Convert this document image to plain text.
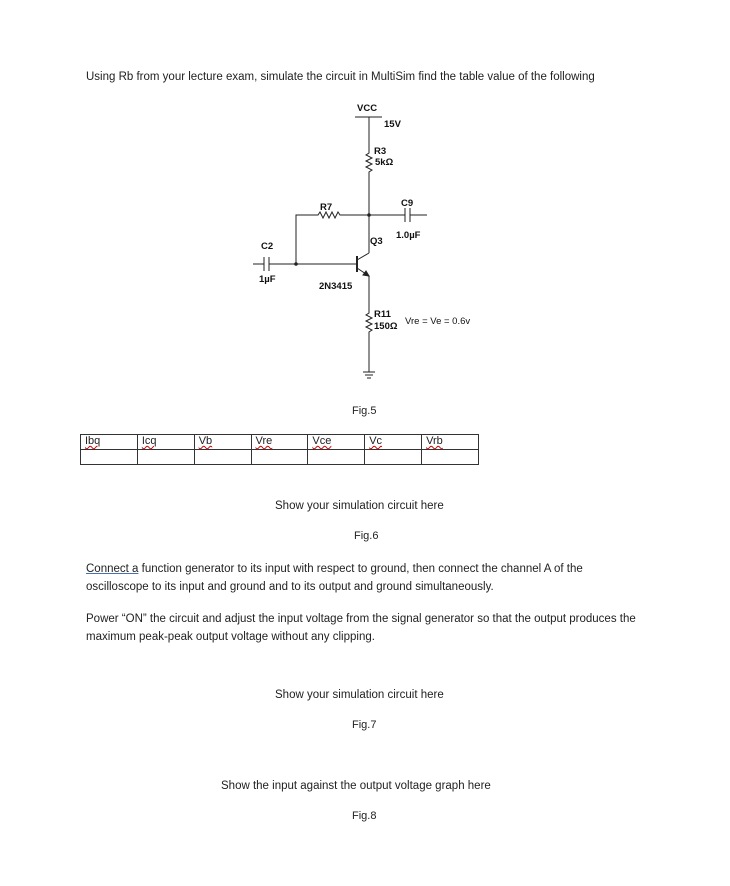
Using Rb from your lecture exam, simulate the circuit in MultiSim find the table value of the following
VCC
15V
R3
5kΩ
R7	C9
1.0µF
Q3
C2
1µF
2N3415
R11
150Ω Vre = Ve = 0.6v
Fig.5
Ibq	Icq	Vb	Vre	Vce	Vc	Vrb

Show your simulation circuit here
Fig.6
Connect a function generator to its input with respect to ground, then connect the channel A of the oscilloscope to its input and ground and to its output and ground simultaneously.
Power “ON” the circuit and adjust the input voltage from the signal generator so that the output produces the maximum peak-peak output voltage without any clipping.
Show your simulation circuit here
Fig.7
Show the input against the output voltage graph here
Fig.8
